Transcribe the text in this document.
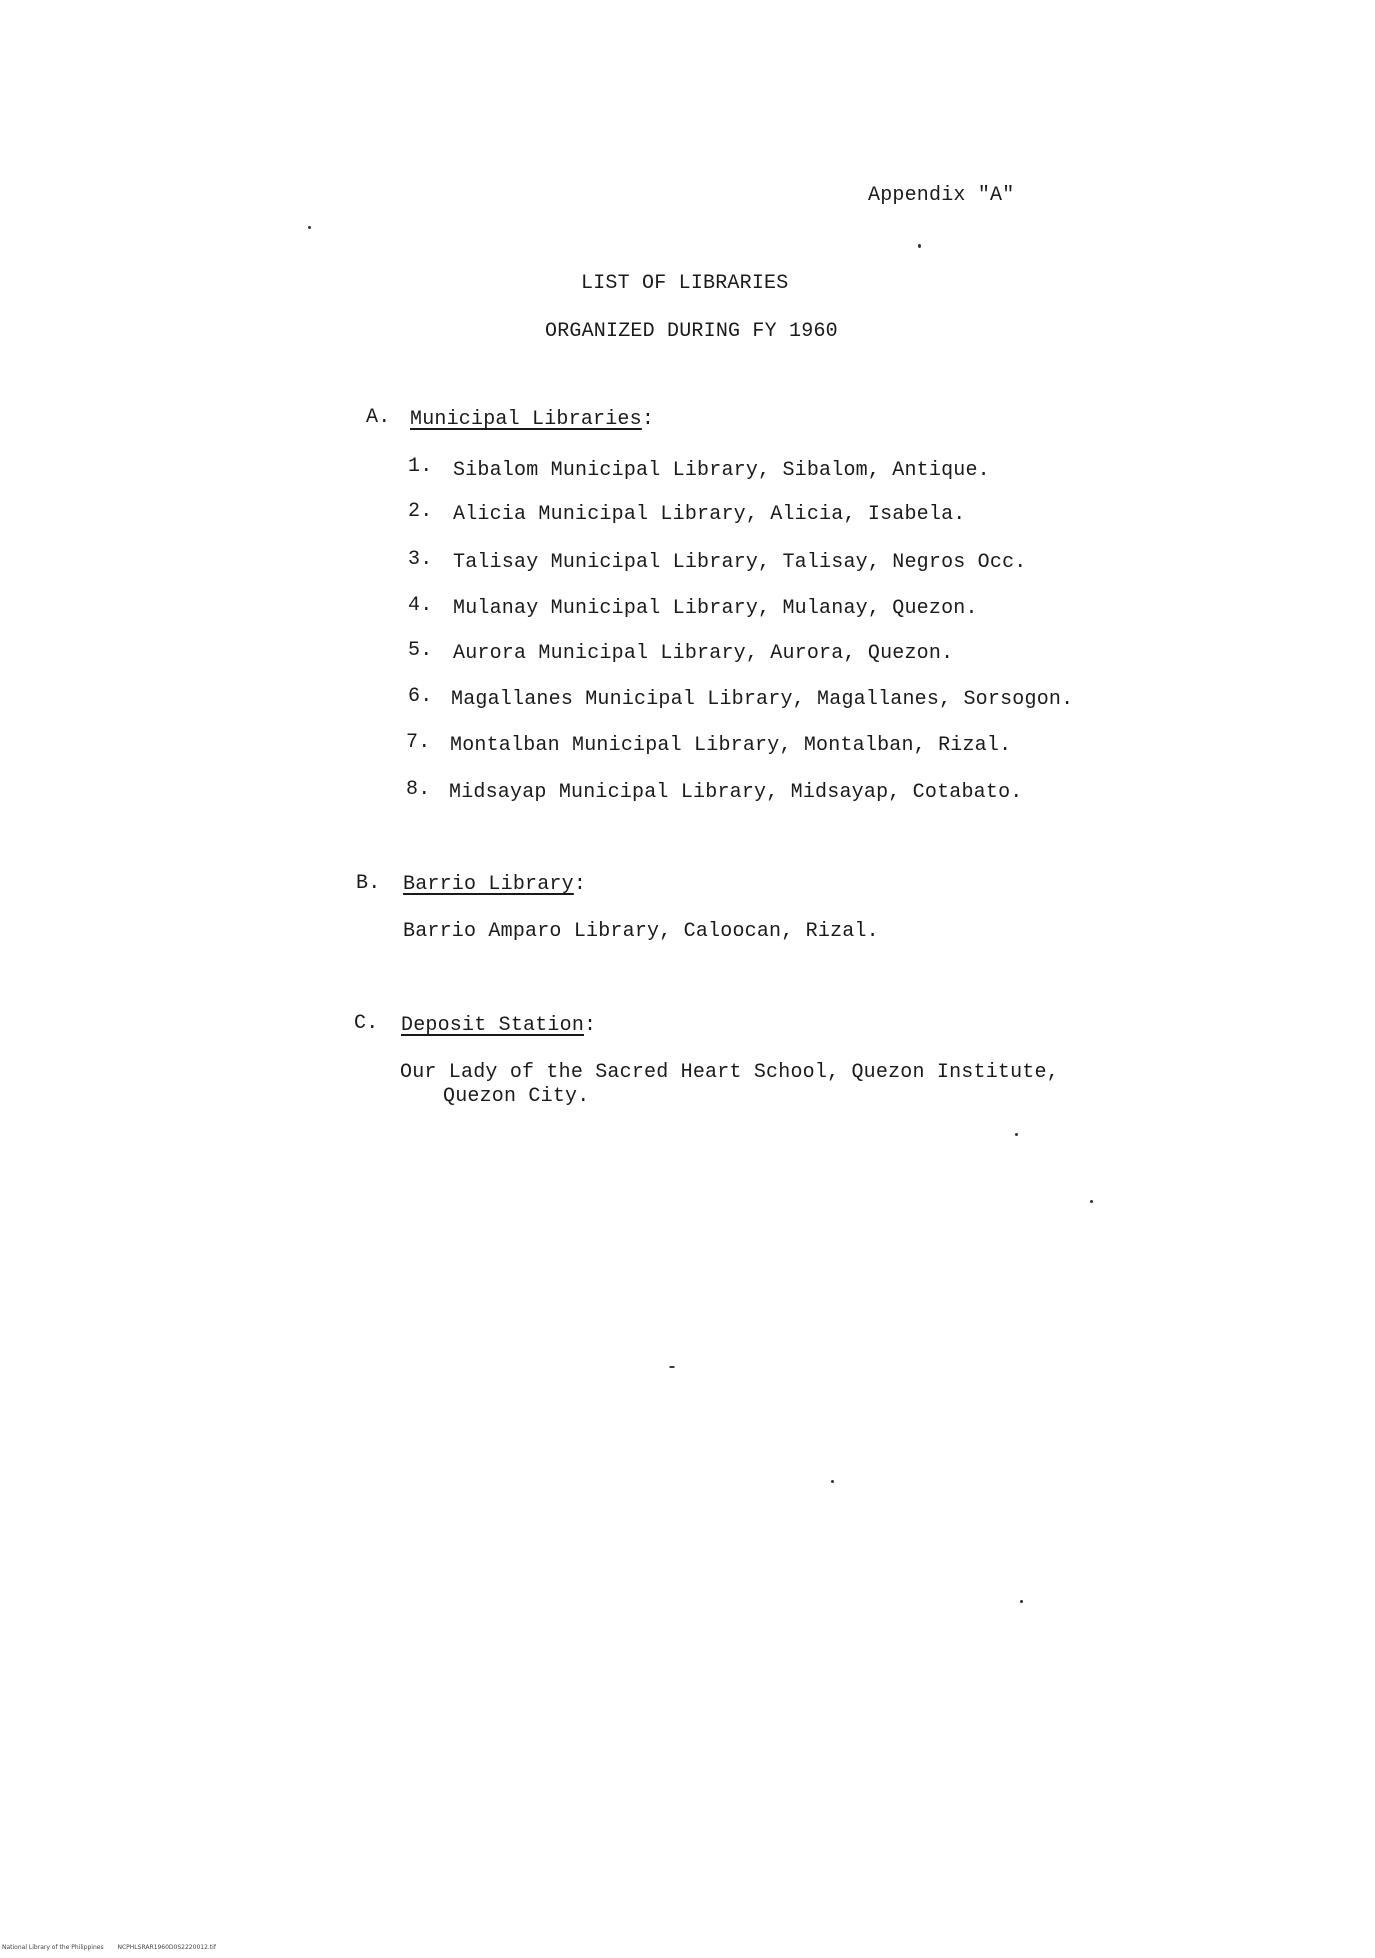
Appendix "A"
LIST OF LIBRARIES
ORGANIZED DURING FY 1960
A. Municipal Libraries:
1. Sibalom Municipal Library, Sibalom, Antique.
2. Alicia Municipal Library, Alicia, Isabela.
3. Talisay Municipal Library, Talisay, Negros Occ.
4. Mulanay Municipal Library, Mulanay, Quezon.
5. Aurora Municipal Library, Aurora, Quezon.
6. Magallanes Municipal Library, Magallanes, Sorsogon.
7. Montalban Municipal Library, Montalban, Rizal.
8. Midsayap Municipal Library, Midsayap, Cotabato.
B. Barrio Library:
Barrio Amparo Library, Caloocan, Rizal.
C. Deposit Station:
Our Lady of the Sacred Heart School, Quezon Institute,
Quezon City.
National Library of the Philippines NCPHLSRAR1960D0S2220012.tif
